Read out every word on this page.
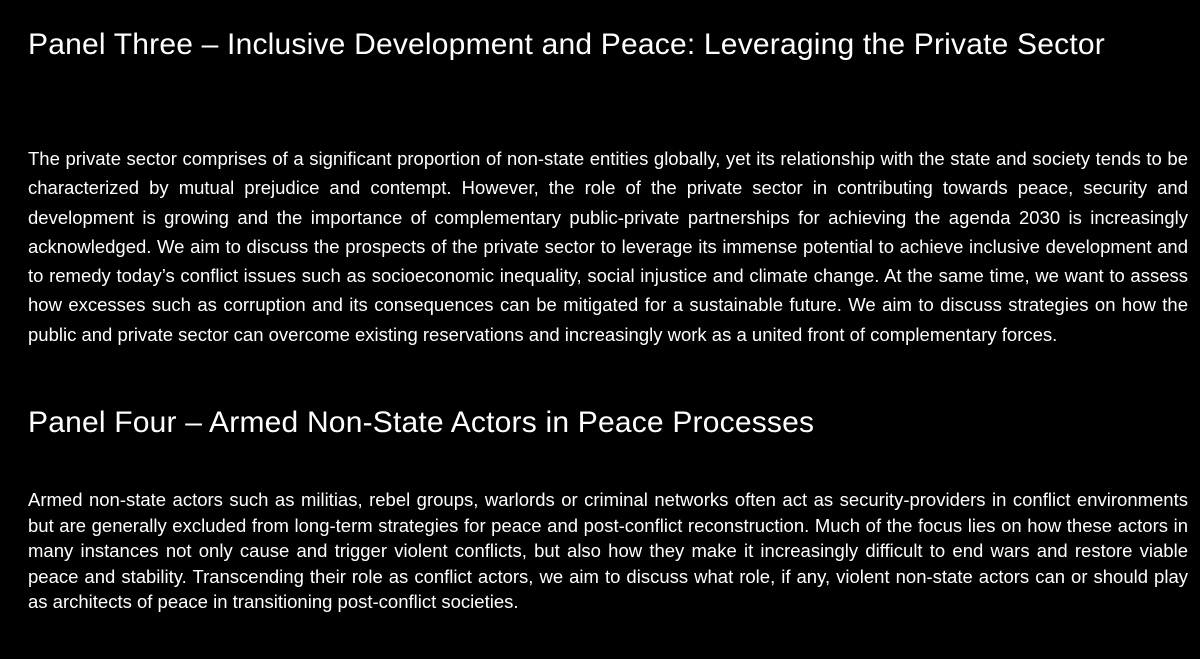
Panel Three – Inclusive Development and Peace: Leveraging the Private Sector

The private sector comprises of a significant proportion of non-state entities globally, yet its relationship with the state and society tends to be characterized by mutual prejudice and contempt. However, the role of the private sector in contributing towards peace, security and development is growing and the importance of complementary public-private partnerships for achieving the agenda 2030 is increasingly acknowledged. We aim to discuss the prospects of the private sector to leverage its immense potential to achieve inclusive development and to remedy today’s conflict issues such as socioeconomic inequality, social injustice and climate change. At the same time, we want to assess how excesses such as corruption and its consequences can be mitigated for a sustainable future. We aim to discuss strategies on how the public and private sector can overcome existing reservations and increasingly work as a united front of complementary forces.

Panel Four – Armed Non-State Actors in Peace Processes

Armed non-state actors such as militias, rebel groups, warlords or criminal networks often act as security-providers in conflict environments but are generally excluded from long-term strategies for peace and post-conflict reconstruction. Much of the focus lies on how these actors in many instances not only cause and trigger violent conflicts, but also how they make it increasingly difficult to end wars and restore viable peace and stability. Transcending their role as conflict actors, we aim to discuss what role, if any, violent non-state actors can or should play as architects of peace in transitioning post-conflict societies.
